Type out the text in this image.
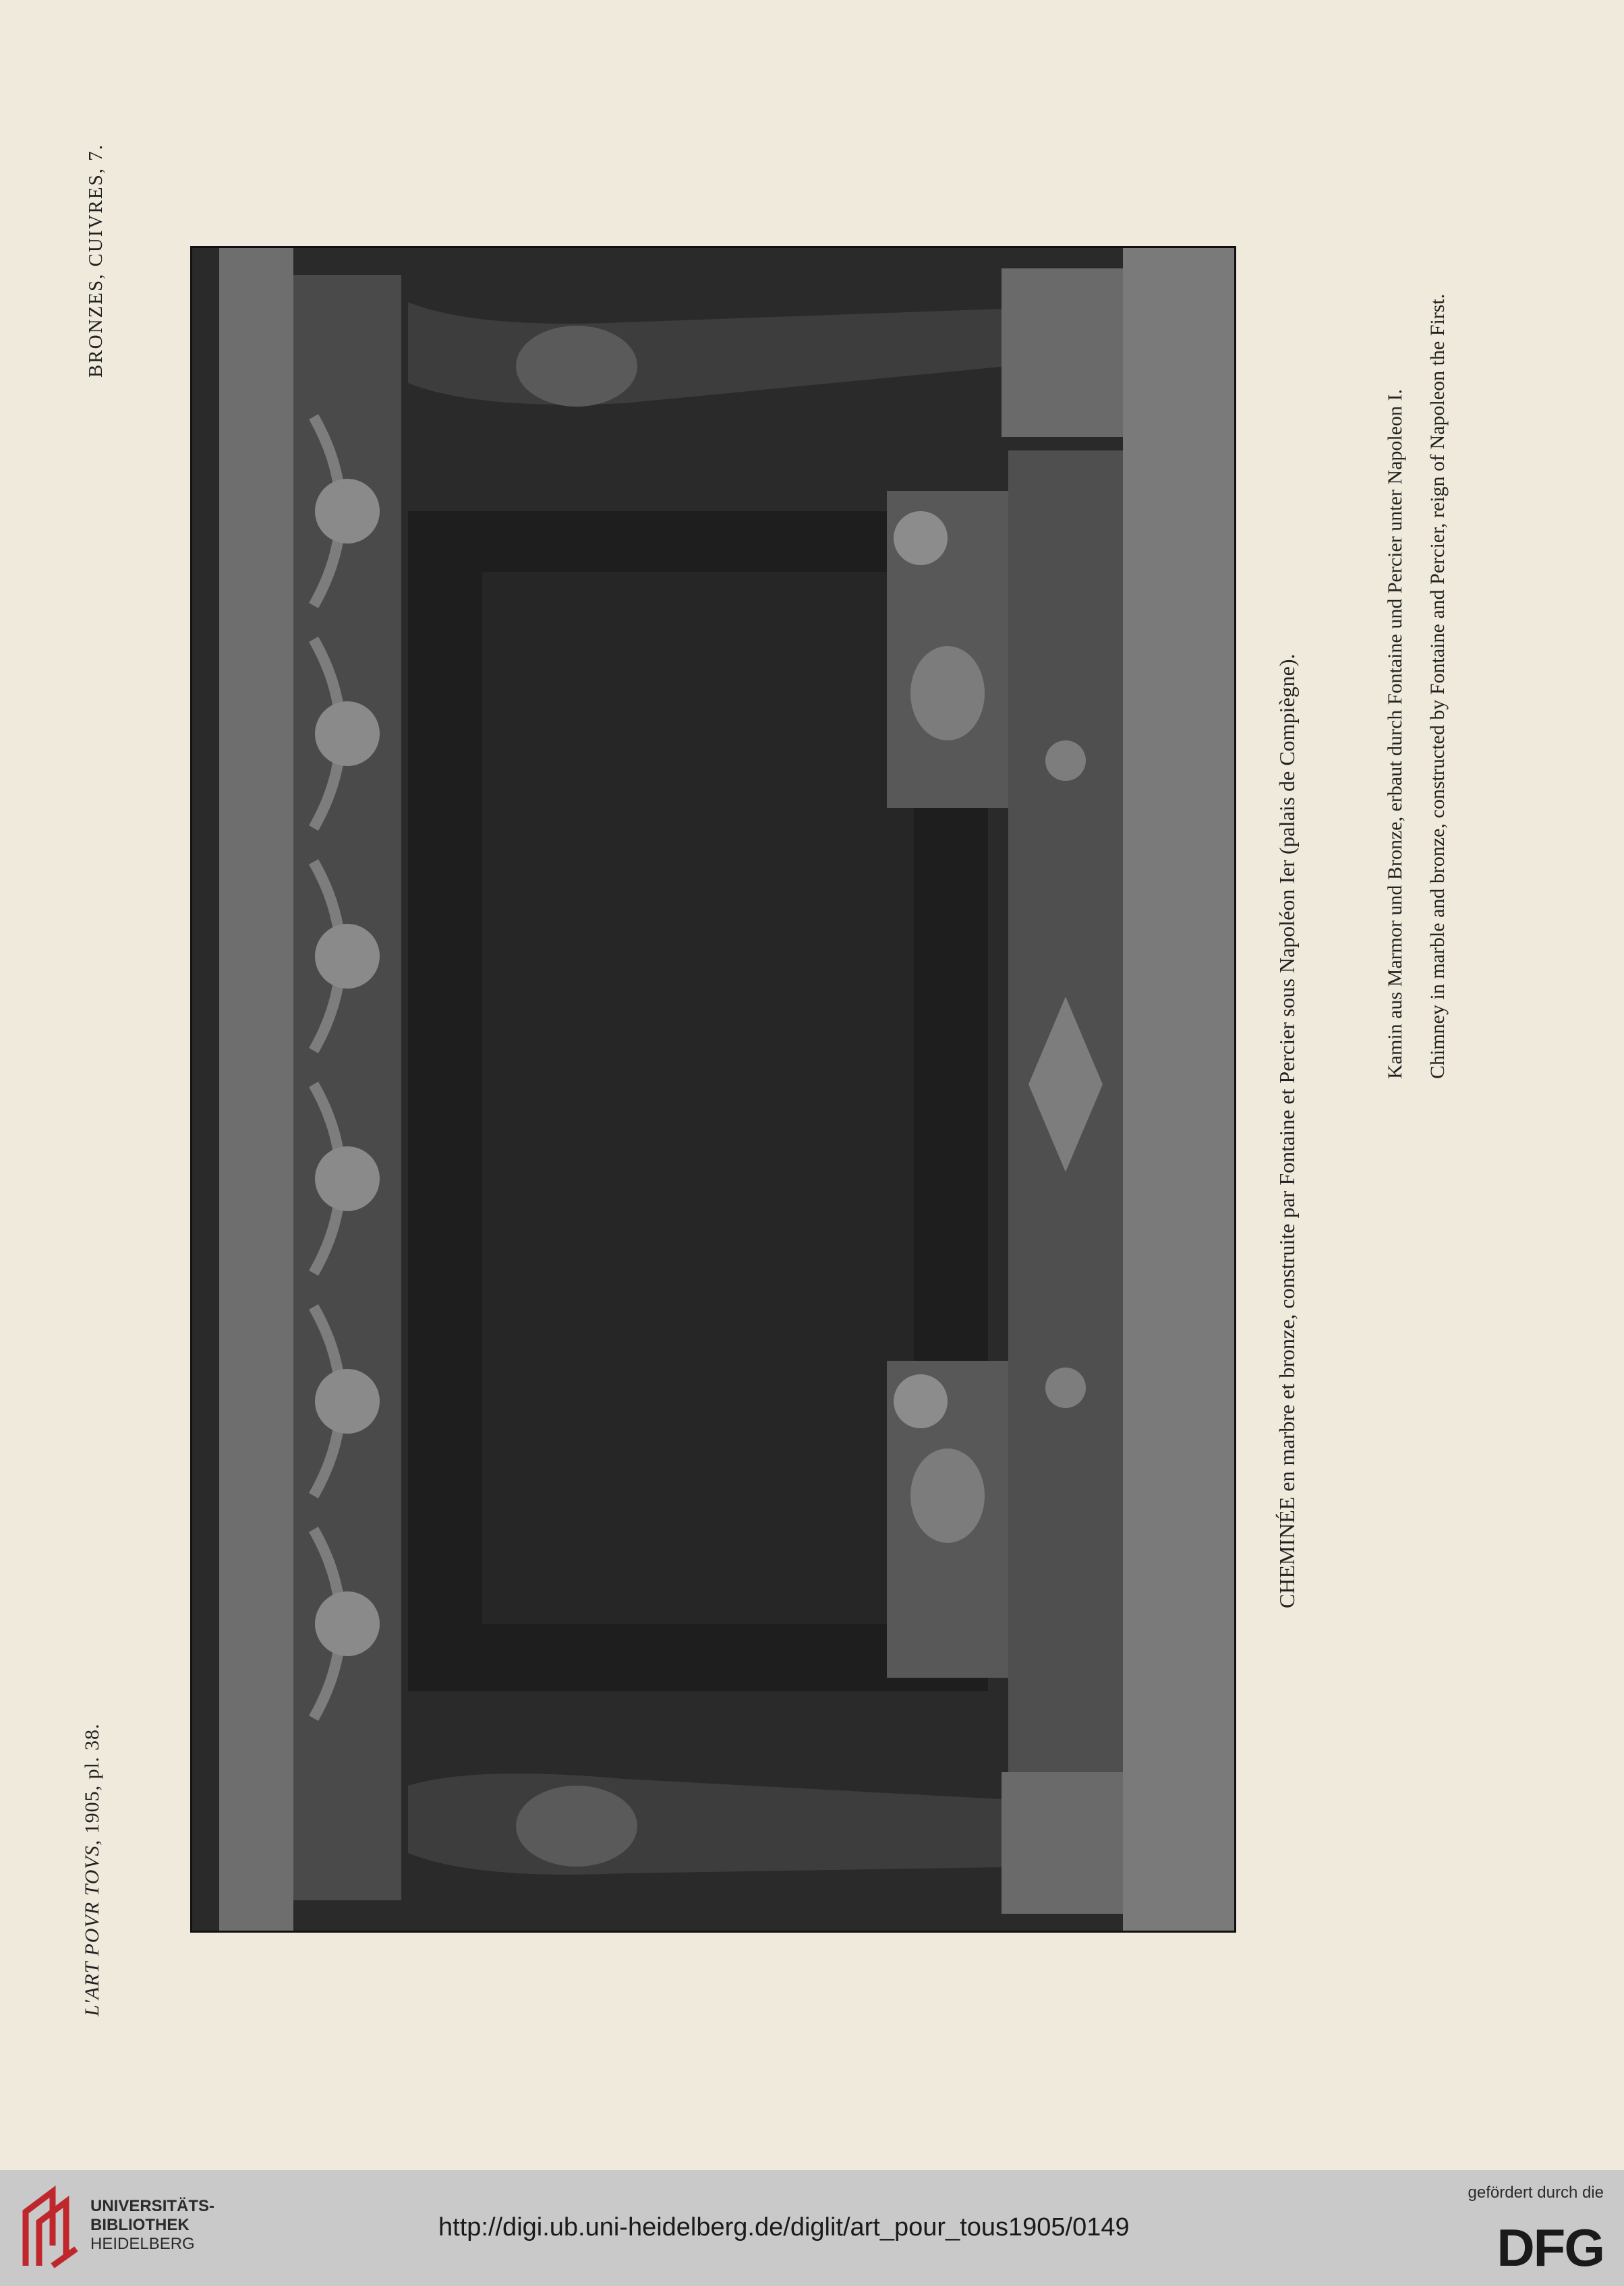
BRONZES, CUIVRES, 7.
L'ART POVR TOVS, 1905, pl. 38.
CHEMINÉE en marbre et bronze, construite par Fontaine et Percier sous Napoléon Ier (palais de Compiègne).	Kamin aus Marmor und Bronze, erbaut durch Fontaine und Percier unter Napoleon I. Chimney in marble and bronze, constructed by Fontaine and Percier, reign of Napoleon the First.
UNIVERSITÄTS-
BIBLIOTHEK
HEIDELBERG
http://digi.ub.uni-heidelberg.de/diglit/art_pour_tous1905/0149
gefördert durch die
DFG
